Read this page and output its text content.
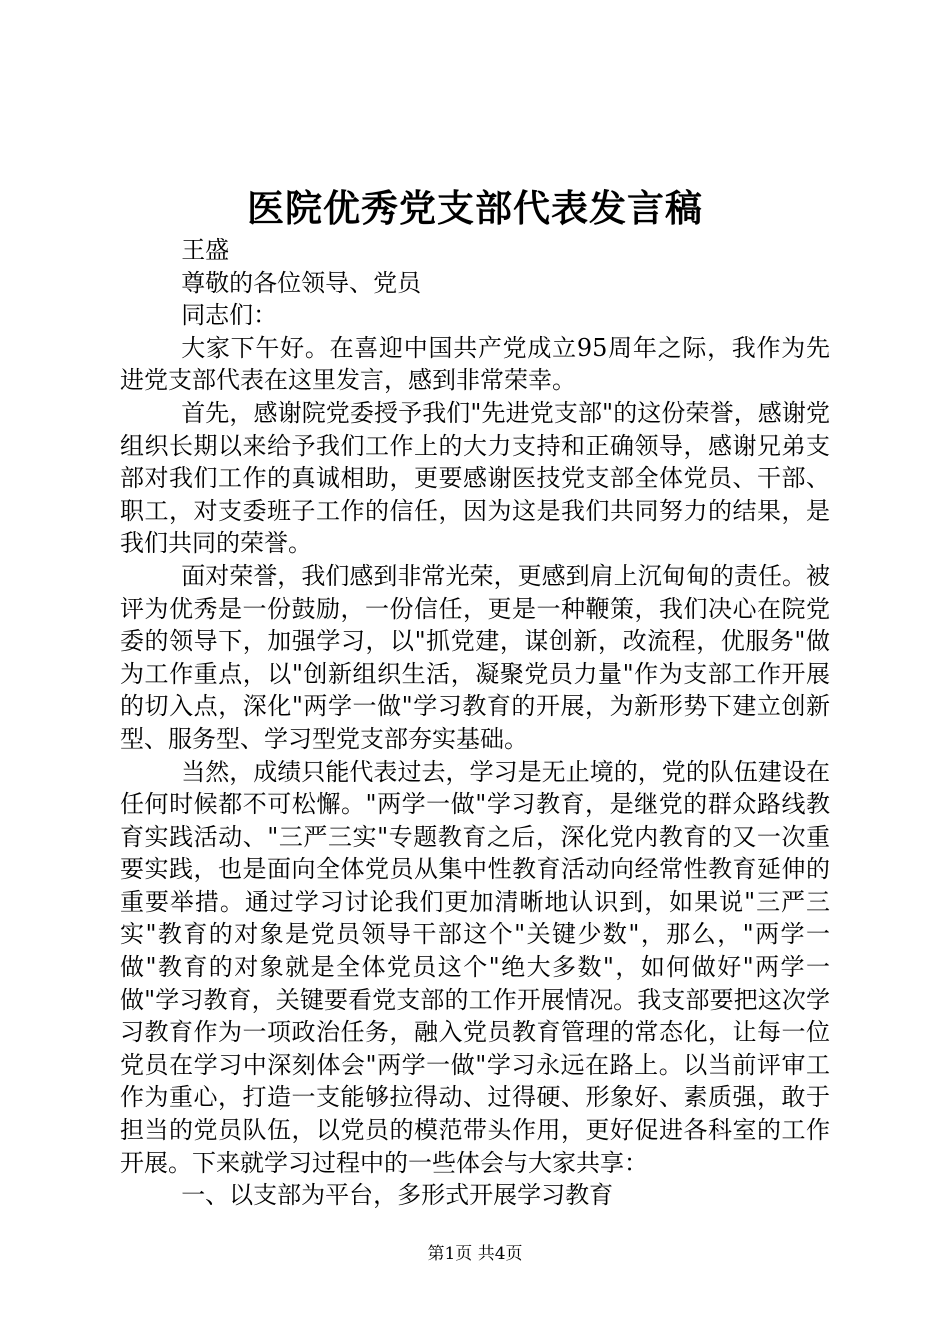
医院优秀党支部代表发言稿

王盛

尊敬的各位领导、党员

同志们：

大家下午好。在喜迎中国共产党成立95周年之际，我作为先进党支部代表在这里发言，感到非常荣幸。

首先，感谢院党委授予我们"先进党支部"的这份荣誉，感谢党组织长期以来给予我们工作上的大力支持和正确领导，感谢兄弟支部对我们工作的真诚相助，更要感谢医技党支部全体党员、干部、职工，对支委班子工作的信任，因为这是我们共同努力的结果，是我们共同的荣誉。

面对荣誉，我们感到非常光荣，更感到肩上沉甸甸的责任。被评为优秀是一份鼓励，一份信任，更是一种鞭策，我们决心在院党委的领导下，加强学习，以"抓党建，谋创新，改流程，优服务"做为工作重点，以"创新组织生活，凝聚党员力量"作为支部工作开展的切入点，深化"两学一做"学习教育的开展，为新形势下建立创新型、服务型、学习型党支部夯实基础。

当然，成绩只能代表过去，学习是无止境的，党的队伍建设在任何时候都不可松懈。"两学一做"学习教育，是继党的群众路线教育实践活动、"三严三实"专题教育之后，深化党内教育的又一次重要实践，也是面向全体党员从集中性教育活动向经常性教育延伸的重要举措。通过学习讨论我们更加清晰地认识到，如果说"三严三实"教育的对象是党员领导干部这个"关键少数"，那么，"两学一做"教育的对象就是全体党员这个"绝大多数"，如何做好"两学一做"学习教育，关键要看党支部的工作开展情况。我支部要把这次学习教育作为一项政治任务，融入党员教育管理的常态化，让每一位党员在学习中深刻体会"两学一做"学习永远在路上。以当前评审工作为重心，打造一支能够拉得动、过得硬、形象好、素质强，敢于担当的党员队伍，以党员的模范带头作用，更好促进各科室的工作开展。下来就学习过程中的一些体会与大家共享：

一、以支部为平台，多形式开展学习教育

第1页 共4页
